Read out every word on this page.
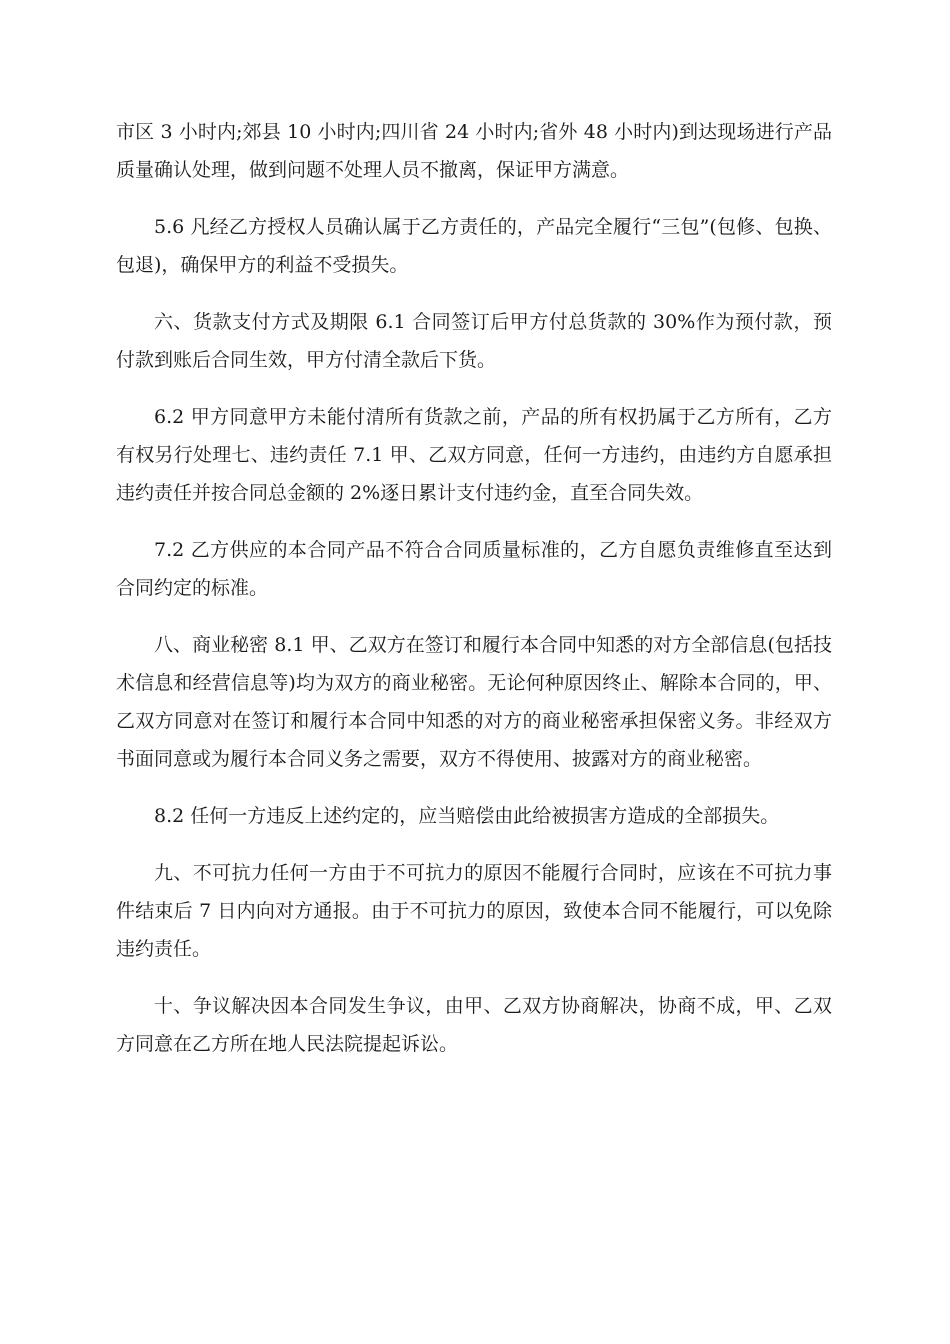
市区 3 小时内;郊县 10 小时内;四川省 24 小时内;省外 48 小时内)到达现场进行产品质量确认处理，做到问题不处理人员不撤离，保证甲方满意。

5.6 凡经乙方授权人员确认属于乙方责任的，产品完全履行“三包”(包修、包换、包退)，确保甲方的利益不受损失。

六、货款支付方式及期限 6.1 合同签订后甲方付总货款的 30%作为预付款，预付款到账后合同生效，甲方付清全款后下货。

6.2 甲方同意甲方未能付清所有货款之前，产品的所有权扔属于乙方所有，乙方有权另行处理七、违约责任 7.1 甲、乙双方同意，任何一方违约，由违约方自愿承担违约责任并按合同总金额的 2%逐日累计支付违约金，直至合同失效。

7.2 乙方供应的本合同产品不符合合同质量标准的，乙方自愿负责维修直至达到合同约定的标准。

八、商业秘密 8.1 甲、乙双方在签订和履行本合同中知悉的对方全部信息(包括技术信息和经营信息等)均为双方的商业秘密。无论何种原因终止、解除本合同的，甲、乙双方同意对在签订和履行本合同中知悉的对方的商业秘密承担保密义务。非经双方书面同意或为履行本合同义务之需要，双方不得使用、披露对方的商业秘密。

8.2 任何一方违反上述约定的，应当赔偿由此给被损害方造成的全部损失。

九、不可抗力任何一方由于不可抗力的原因不能履行合同时，应该在不可抗力事件结束后 7 日内向对方通报。由于不可抗力的原因，致使本合同不能履行，可以免除违约责任。

十、争议解决因本合同发生争议，由甲、乙双方协商解决，协商不成，甲、乙双方同意在乙方所在地人民法院提起诉讼。
